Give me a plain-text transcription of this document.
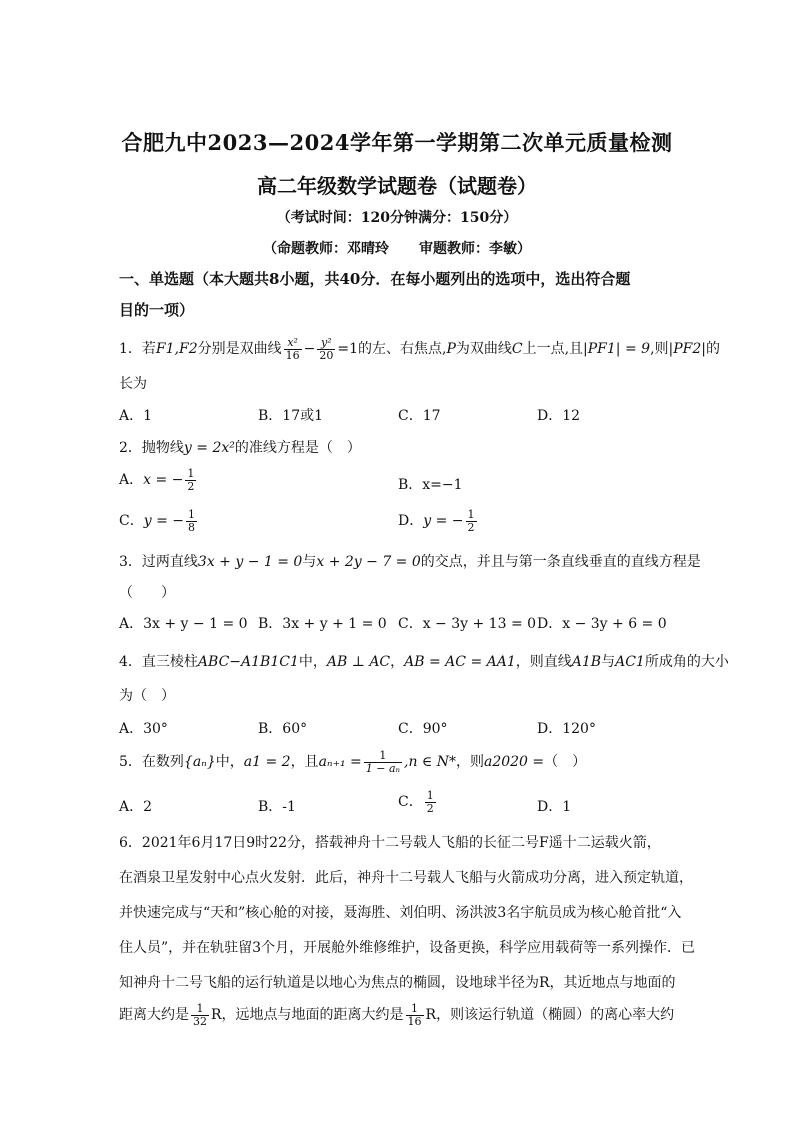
合肥九中2023—2024学年第一学期第二次单元质量检测
高二年级数学试题卷（试题卷）
（考试时间：120分钟满分：150分）
（命题教师：邓晴玲 审题教师：李敏）
一、单选题（本大题共8小题，共40分．在每小题列出的选项中，选出符合题
目的一项）
1．若F1,F2分别是双曲线 $\frac{\text{x²}}{16} - \frac{\text{y²}}{20} =1$的左、右焦点,P为双曲线C上一点,且|PF1| = 9,则|PF2|的
长为
A．1	B．17或1	C．17	D．12
2．抛物线y = 2x²的准线方程是（　）
A．x = − $\frac{1}{2}$	B．x=−1
C．y = − $\frac{1}{8}$	D．y = − $\frac{1}{2}$
3．过两直线3x + y − 1 = 0与x + 2y − 7 = 0的交点，并且与第一条直线垂直的直线方程是
（　　）
A．3x + y − 1 = 0 B．3x + y + 1 = 0 C．x − 3y + 13 = 0 D．x − 3y + 6 = 0
4．直三棱柱ABC−A1B1C1中，AB ⊥ AC，AB = AC = AA1，则直线A1B与AC1所成角的大小
为（　）
A．30°	B．60°	C．90°	D．120°
5．在数列{aₙ}中，a1 = 2，且$a_{n+1} = \frac{1}{\text{1 − aₙ}} ,n$ ∈ N*，则a2020 =（　）
A．2	B．-1	C． $\frac{1}{2}$	D．1
6．2021年6月17日9时22分，搭载神舟十二号载人飞船的长征二号F遥十二运载火箭，
在酒泉卫星发射中心点火发射．此后，神舟十二号载人飞船与火箭成功分离，进入预定轨道，
并快速完成与“天和”核心舱的对接，聂海胜、刘伯明、汤洪波3名宇航员成为核心舱首批“入
住人员”，并在轨驻留3个月，开展舱外维修维护，设备更换，科学应用载荷等一系列操作．已
知神舟十二号飞船的运行轨道是以地心为焦点的椭圆，设地球半径为R，其近地点与地面的
距离大约是 $\frac{1}{32}$ R，远地点与地面的距离大约是 $\frac{1}{16}$ R，则该运行轨道（椭圆）的离心率大约
